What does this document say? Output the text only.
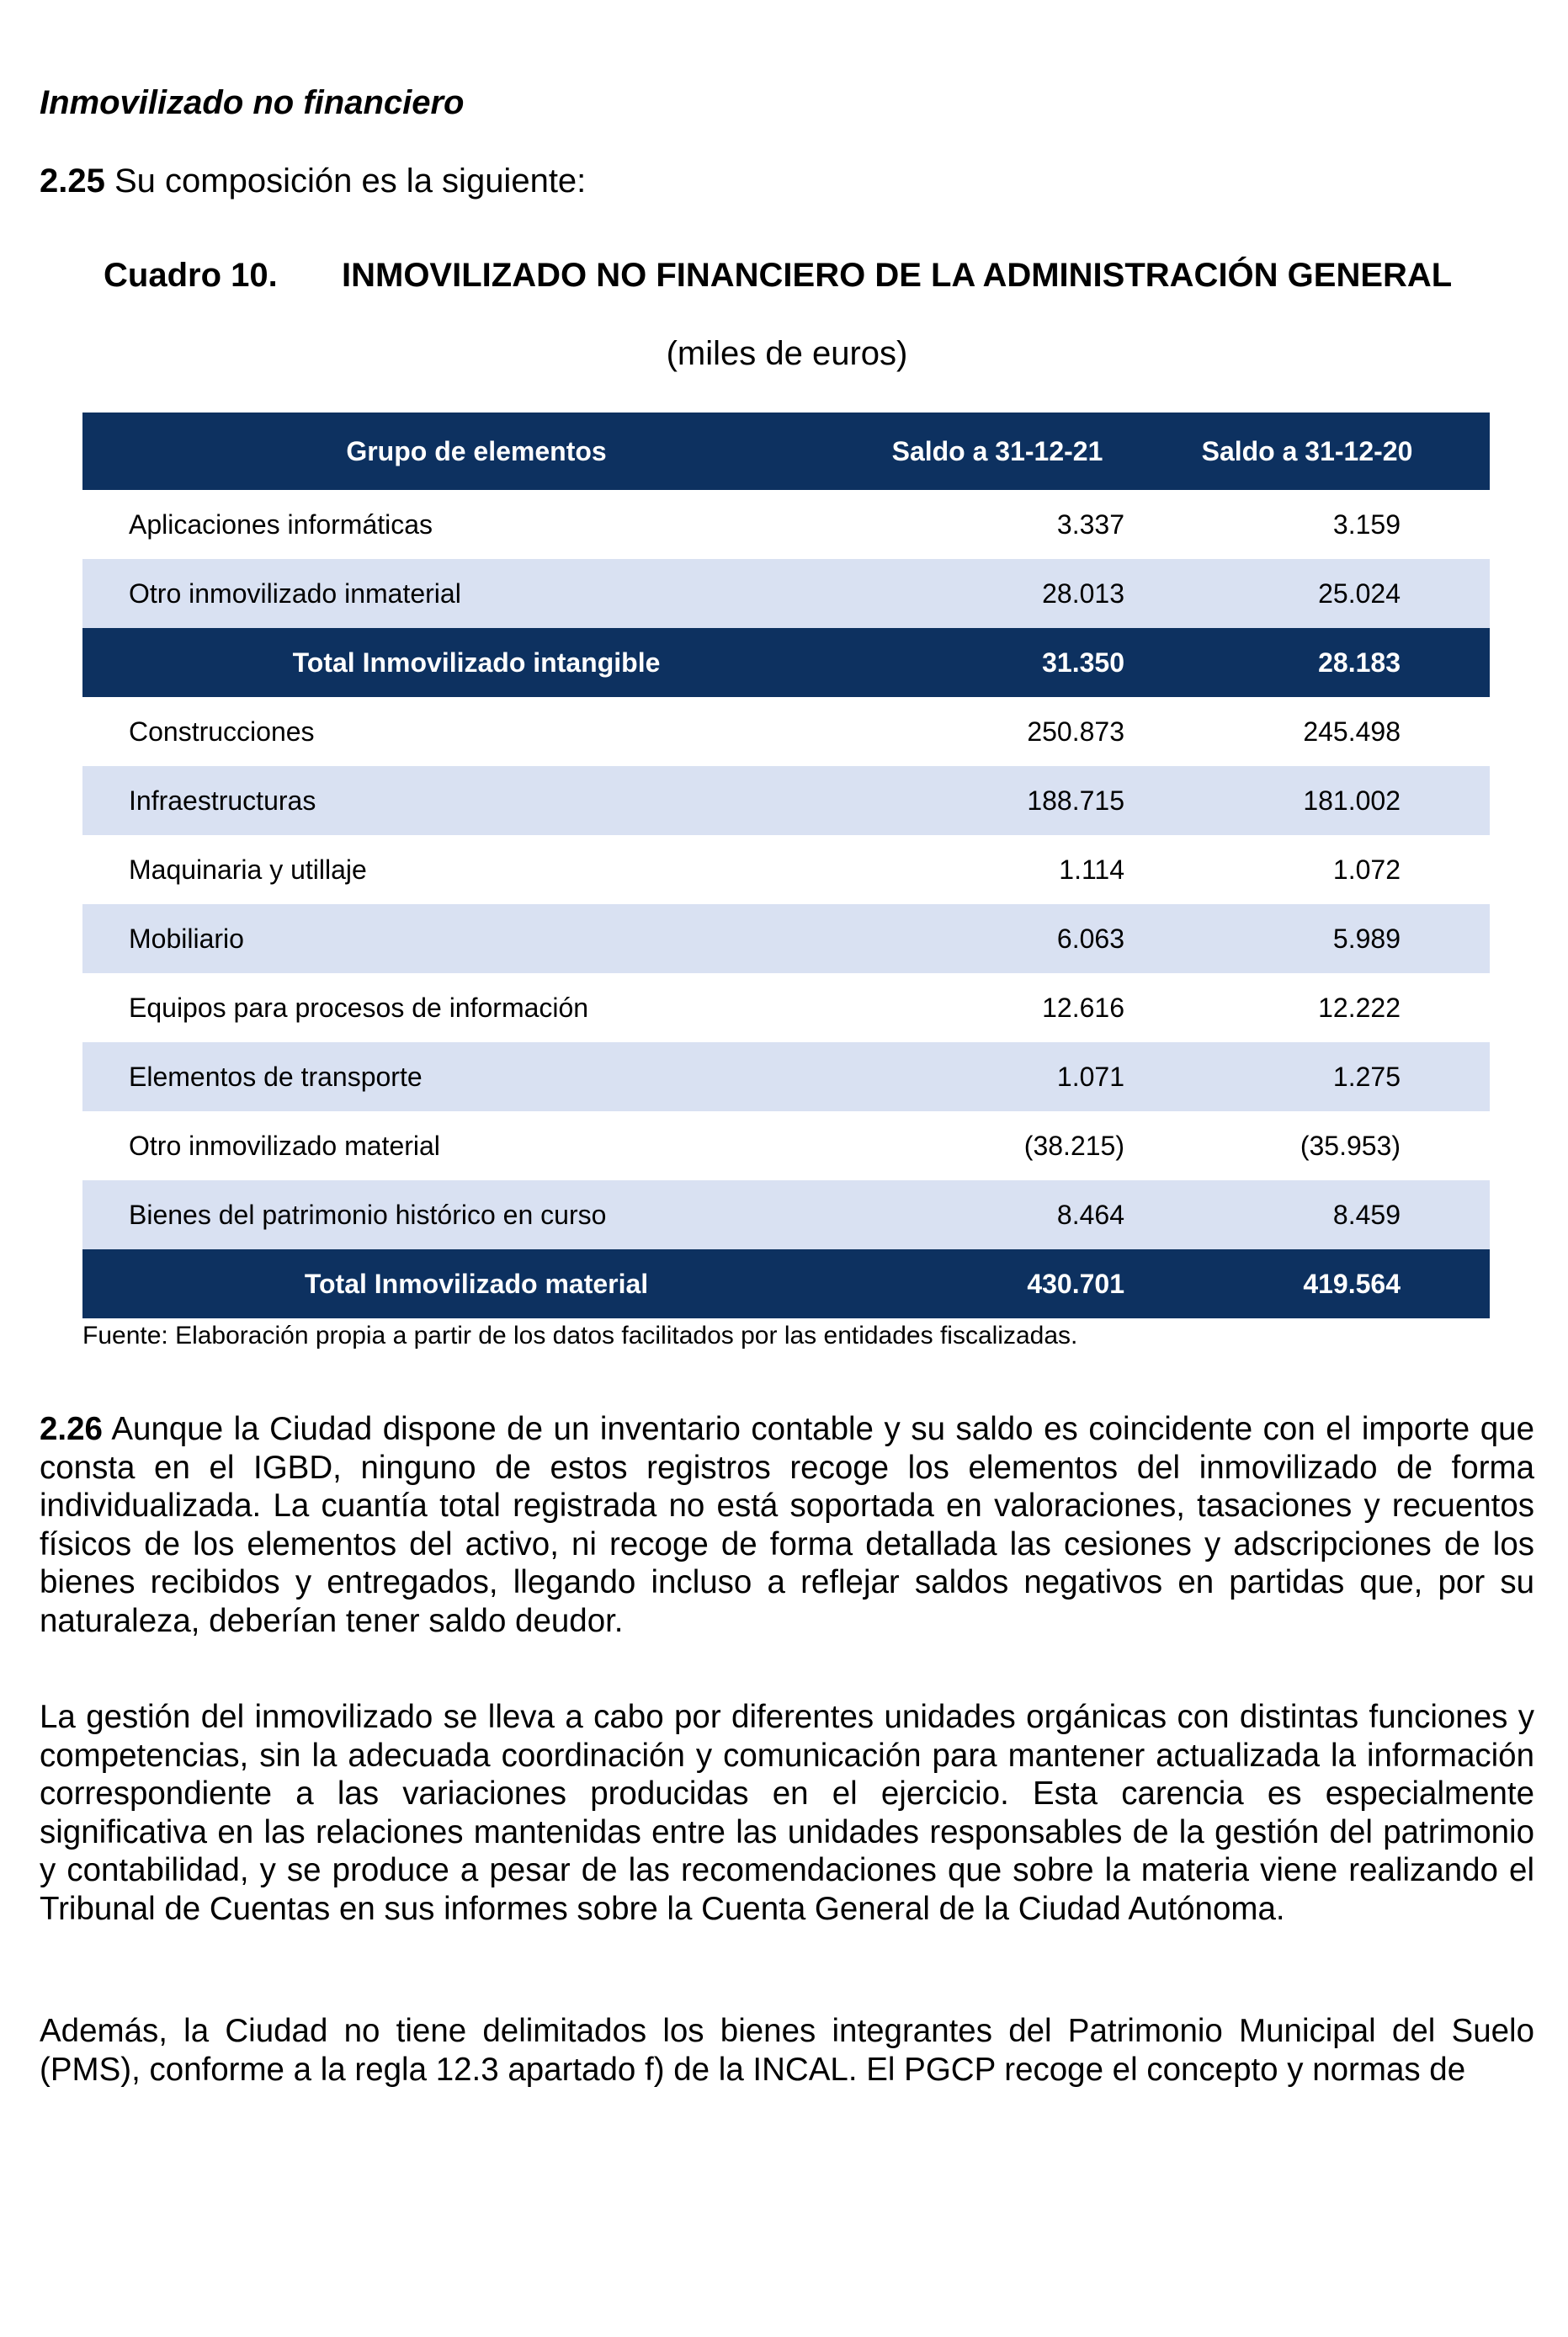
Inmovilizado no financiero
2.25 Su composición es la siguiente:
Cuadro 10. INMOVILIZADO NO FINANCIERO DE LA ADMINISTRACIÓN GENERAL
(miles de euros)
Grupo de elementos	Saldo a 31-12-21	Saldo a 31-12-20
Aplicaciones informáticas	3.337	3.159
Otro inmovilizado inmaterial	28.013	25.024
Total Inmovilizado intangible	31.350	28.183
Construcciones	250.873	245.498
Infraestructuras	188.715	181.002
Maquinaria y utillaje	1.114	1.072
Mobiliario	6.063	5.989
Equipos para procesos de información	12.616	12.222
Elementos de transporte	1.071	1.275
Otro inmovilizado material	(38.215)	(35.953)
Bienes del patrimonio histórico en curso	8.464	8.459
Total Inmovilizado material	430.701	419.564
Fuente: Elaboración propia a partir de los datos facilitados por las entidades fiscalizadas.
2.26 Aunque la Ciudad dispone de un inventario contable y su saldo es coincidente con el importe que consta en el IGBD, ninguno de estos registros recoge los elementos del inmovilizado de forma individualizada. La cuantía total registrada no está soportada en valoraciones, tasaciones y recuentos físicos de los elementos del activo, ni recoge de forma detallada las cesiones y adscripciones de los bienes recibidos y entregados, llegando incluso a reflejar saldos negativos en partidas que, por su naturaleza, deberían tener saldo deudor.
La gestión del inmovilizado se lleva a cabo por diferentes unidades orgánicas con distintas funciones y competencias, sin la adecuada coordinación y comunicación para mantener actualizada la información correspondiente a las variaciones producidas en el ejercicio. Esta carencia es especialmente significativa en las relaciones mantenidas entre las unidades responsables de la gestión del patrimonio y contabilidad, y se produce a pesar de las recomendaciones que sobre la materia viene realizando el Tribunal de Cuentas en sus informes sobre la Cuenta General de la Ciudad Autónoma.
Además, la Ciudad no tiene delimitados los bienes integrantes del Patrimonio Municipal del Suelo (PMS), conforme a la regla 12.3 apartado f) de la INCAL. El PGCP recoge el concepto y normas de
